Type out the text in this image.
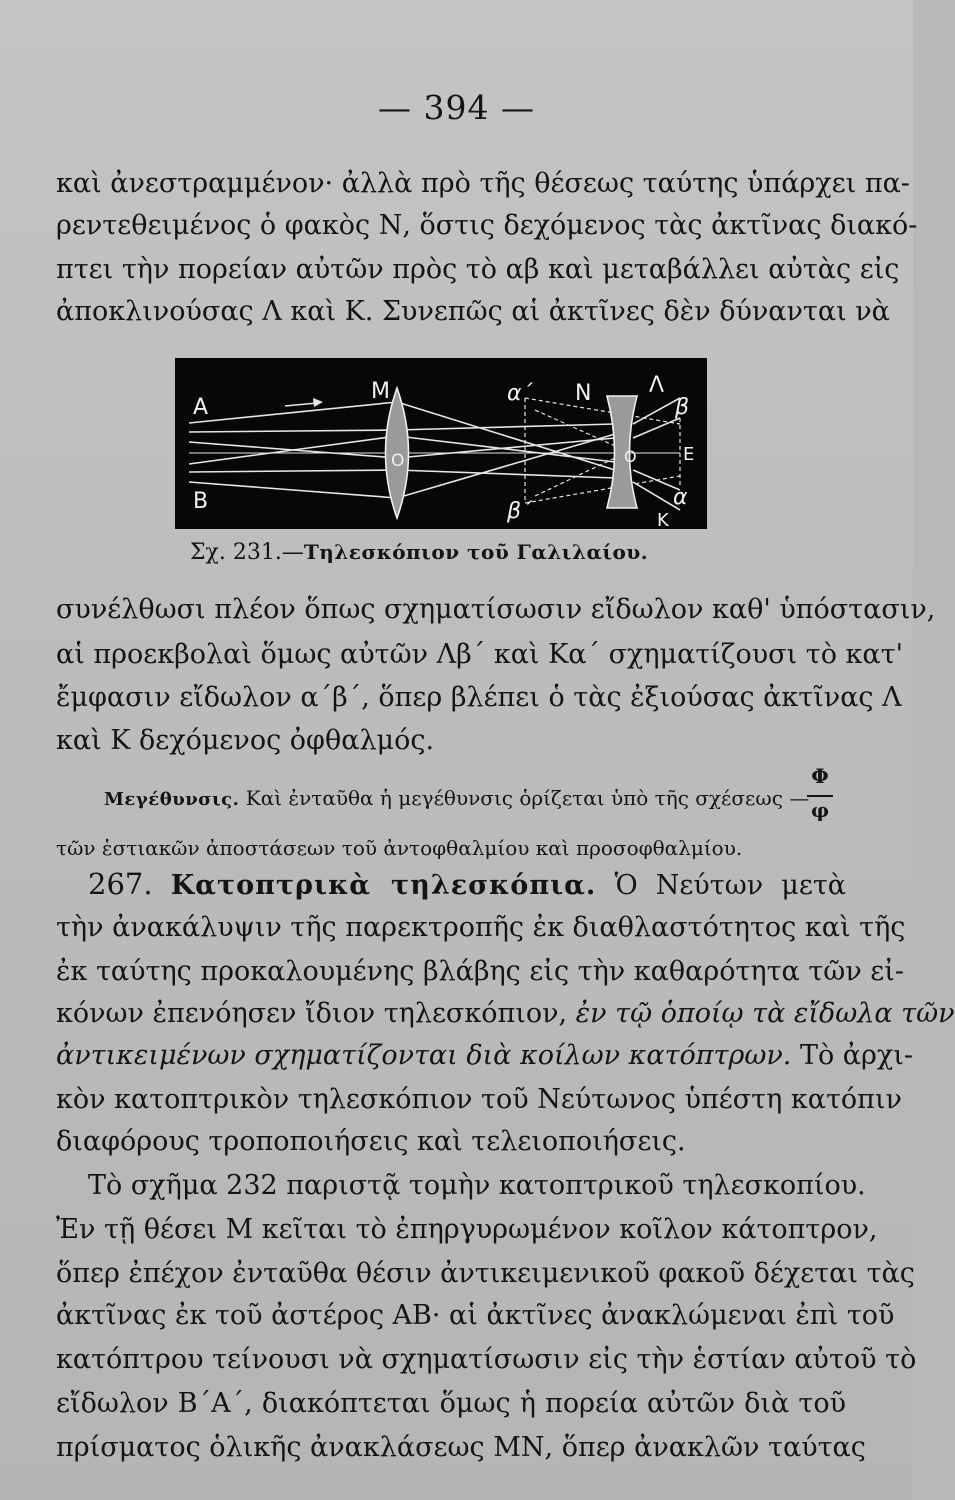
— 394 —
καὶ ἀνεστραμμένον· ἀλλὰ πρὸ τῆς θέσεως ταύτης ὑπάρχει πα-
ρεντεθειμένος ὁ φακὸς Ν, ὅστις δεχόμενος τὰς ἀκτῖνας διακό-
πτει τὴν πορείαν αὐτῶν πρὸς τὸ αβ καὶ μεταβάλλει αὐτὰς εἰς
ἀποκλινούσας Λ καὶ Κ. Συνεπῶς αἱ ἀκτῖνες δὲν δύνανται νὰ
A
B
M
O
α΄
β΄
N	Λ
β
E
Ο
K
α
Σχ. 231.—Τηλεσκόπιον τοῦ Γαλιλαίου.
συνέλθωσι πλέον ὅπως σχηματίσωσιν εἴδωλον καθ' ὑπόστασιν,
αἱ προεκβολαὶ ὅμως αὐτῶν Λβ΄ καὶ Κα΄ σχηματίζουσι τὸ κατ'
ἔμφασιν εἴδωλον α΄β΄, ὅπερ βλέπει ὁ τὰς ἐξιούσας ἀκτῖνας Λ
καὶ Κ δεχόμενος ὀφθαλμός.
Μεγέθυνσις. Καὶ ἐνταῦθα ἡ μεγέθυνσις ὁρίζεται ὑπὸ τῆς σχέσεως —
Φ
φ
τῶν ἑστιακῶν ἀποστάσεων τοῦ ἀντοφθαλμίου καὶ προσοφθαλμίου.
267. Κατοπτρικὰ τηλεσκόπια. Ὁ Νεύτων μετὰ
τὴν ἀνακάλυψιν τῆς παρεκτροπῆς ἐκ διαθλαστότητος καὶ τῆς
ἐκ ταύτης προκαλουμένης βλάβης εἰς τὴν καθαρότητα τῶν εἰ-
κόνων ἐπενόησεν ἴδιον τηλεσκόπιον, ἐν τῷ ὁποίῳ τὰ εἴδωλα τῶν
ἀντικειμένων σχηματίζονται διὰ κοίλων κατόπτρων. Τὸ ἀρχι-
κὸν κατοπτρικὸν τηλεσκόπιον τοῦ Νεύτωνος ὑπέστη κατόπιν
διαφόρους τροποποιήσεις καὶ τελειοποιήσεις.
Τὸ σχῆμα 232 παριστᾷ τομὴν κατοπτρικοῦ τηλεσκοπίου.
Ἐν τῇ θέσει Μ κεῖται τὸ ἐπηργυρωμένον κοῖλον κάτοπτρον,
ὅπερ ἐπέχον ἐνταῦθα θέσιν ἀντικειμενικοῦ φακοῦ δέχεται τὰς
ἀκτῖνας ἐκ τοῦ ἀστέρος ΑΒ· αἱ ἀκτῖνες ἀνακλώμεναι ἐπὶ τοῦ
κατόπτρου τείνουσι νὰ σχηματίσωσιν εἰς τὴν ἑστίαν αὐτοῦ τὸ
εἴδωλον Β΄Α΄, διακόπτεται ὅμως ἡ πορεία αὐτῶν διὰ τοῦ
πρίσματος ὁλικῆς ἀνακλάσεως ΜΝ, ὅπερ ἀνακλῶν ταύτας
